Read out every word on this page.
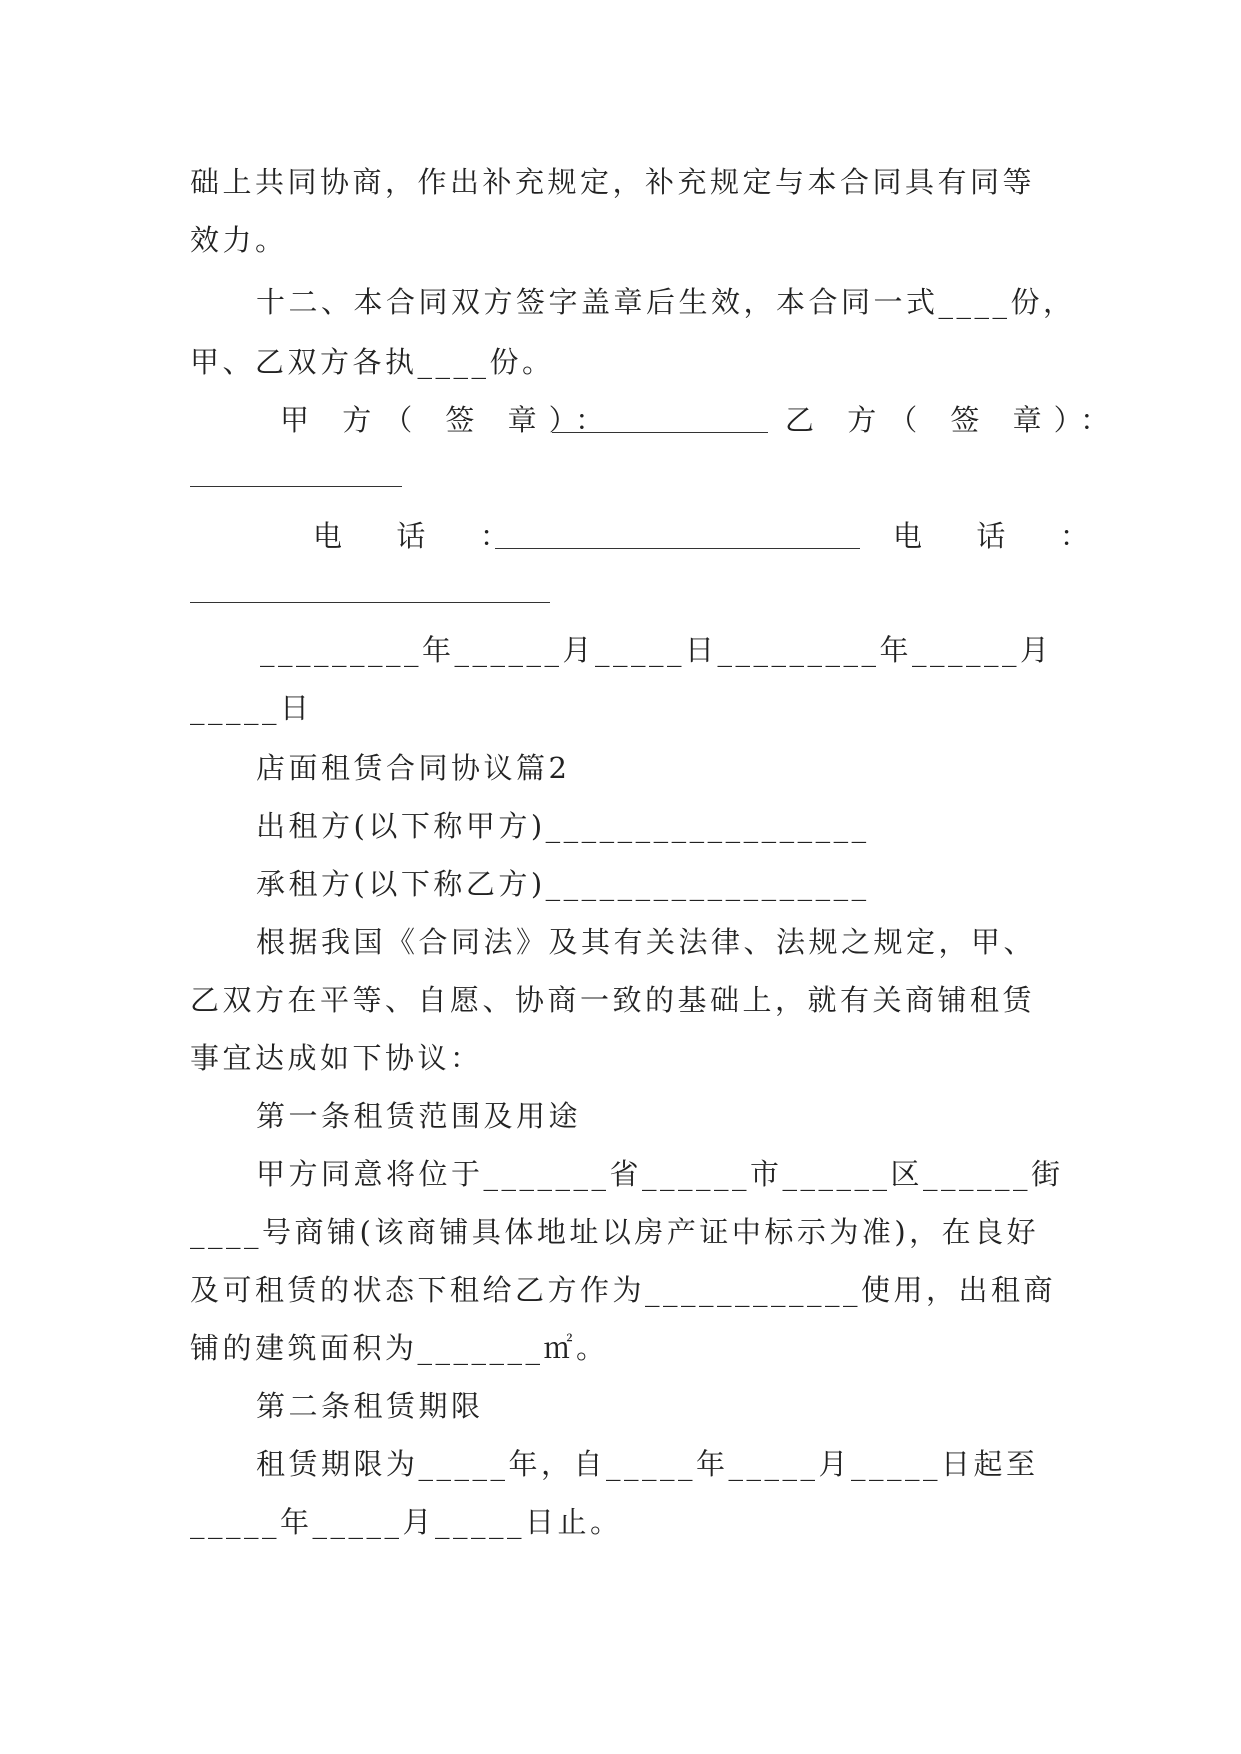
础上共同协商，作出补充规定，补充规定与本合同具有同等
效力。
十二、本合同双方签字盖章后生效，本合同一式____份，
甲、乙双方各执____份。
甲 方（ 签 章）：	乙 方（ 签 章）：
电  话  ：	电  话  ：
_________年______月_____日_________年______月
_____日
店面租赁合同协议篇2
出租方(以下称甲方)__________________
承租方(以下称乙方)__________________
根据我国《合同法》及其有关法律、法规之规定，甲、
乙双方在平等、自愿、协商一致的基础上，就有关商铺租赁
事宜达成如下协议：
第一条租赁范围及用途
甲方同意将位于_______省______市______区______街
____号商铺(该商铺具体地址以房产证中标示为准)，在良好
及可租赁的状态下租给乙方作为____________使用，出租商
铺的建筑面积为_______㎡。
第二条租赁期限
租赁期限为_____年，自_____年_____月_____日起至
_____年_____月_____日止。
